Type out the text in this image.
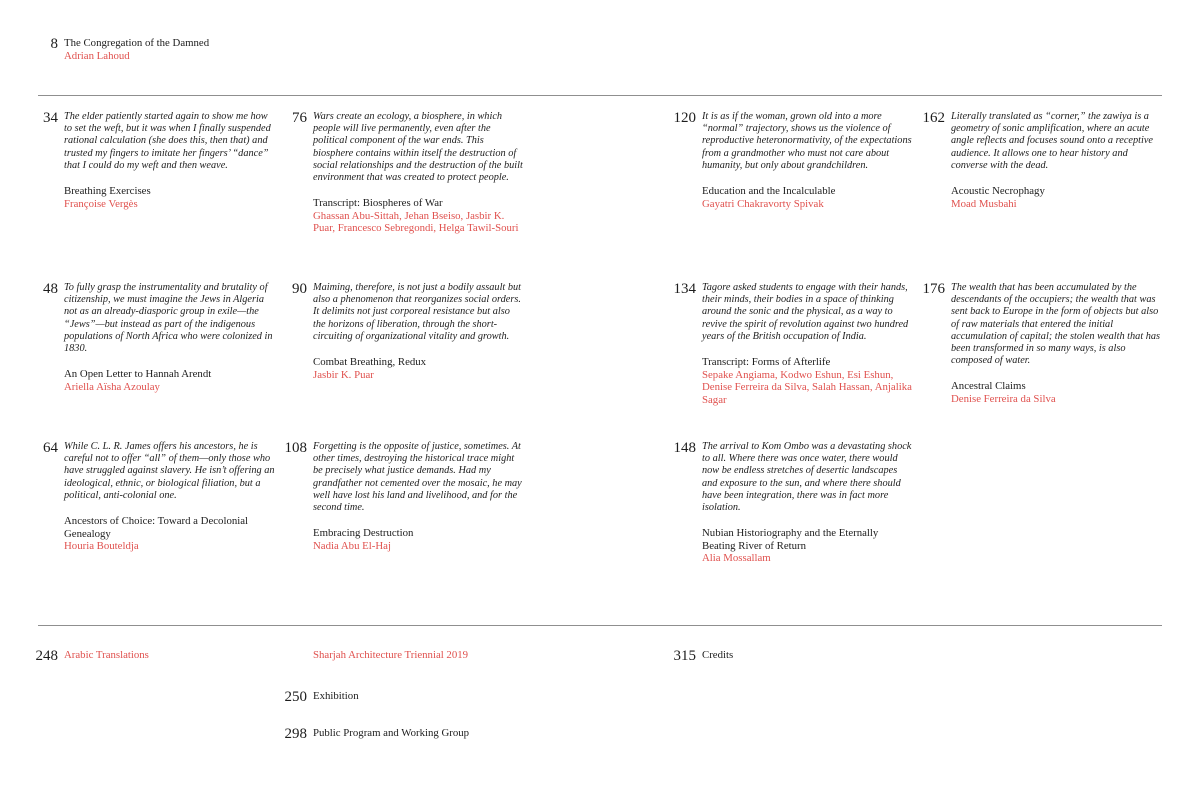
8 The Congregation of the Damned

Adrian Lahoud

34 The elder patiently started again to show me how to set the weft, but it was when I finally suspended rational calculation (she does this, then that) and trusted my fingers to imitate her fingers’ “dance” that I could do my weft and then weave.

Breathing Exercises

Françoise Vergès

76 Wars create an ecology, a biosphere, in which people will live permanently, even after the political component of the war ends. This biosphere contains within itself the destruction of social relationships and the destruction of the built environment that was created to protect people.

Transcript: Biospheres of War

Ghassan Abu-Sittah, Jehan Bseiso, Jasbir K. Puar, Francesco Sebregondi, Helga Tawil-Souri

120 It is as if the woman, grown old into a more “normal” trajectory, shows us the violence of reproductive heteronormativity, of the expectations from a grandmother who must not care about humanity, but only about grandchildren.

Education and the Incalculable

Gayatri Chakravorty Spivak

162 Literally translated as “corner,” the zawiya is a geometry of sonic amplification, where an acute angle reflects and focuses sound onto a receptive audience. It allows one to hear history and converse with the dead.

Acoustic Necrophagy

Moad Musbahi

48 To fully grasp the instrumentality and brutality of citizenship, we must imagine the Jews in Algeria not as an already-diasporic group in exile—the “Jews”—but instead as part of the indigenous populations of North Africa who were colonized in 1830.

An Open Letter to Hannah Arendt

Ariella Aïsha Azoulay

90 Maiming, therefore, is not just a bodily assault but also a phenomenon that reorganizes social orders. It delimits not just corporeal resistance but also the horizons of liberation, through the short-circuiting of organizational vitality and growth.

Combat Breathing, Redux

Jasbir K. Puar

134 Tagore asked students to engage with their hands, their minds, their bodies in a space of thinking around the sonic and the physical, as a way to revive the spirit of revolution against two hundred years of the British occupation of India.

Transcript: Forms of Afterlife

Sepake Angiama, Kodwo Eshun, Esi Eshun, Denise Ferreira da Silva, Salah Hassan, Anjalika Sagar

176 The wealth that has been accumulated by the descendants of the occupiers; the wealth that was sent back to Europe in the form of objects but also of raw materials that entered the initial accumulation of capital; the stolen wealth that has been transformed in so many ways, is also composed of water.

Ancestral Claims

Denise Ferreira da Silva

64 While C. L. R. James offers his ancestors, he is careful not to offer “all” of them—only those who have struggled against slavery. He isn’t offering an ideological, ethnic, or biological filiation, but a political, anti-colonial one.

Ancestors of Choice: Toward a Decolonial Genealogy

Houria Bouteldja

108 Forgetting is the opposite of justice, sometimes. At other times, destroying the historical trace might be precisely what justice demands. Had my grandfather not cemented over the mosaic, he may well have lost his land and livelihood, and for the second time.

Embracing Destruction

Nadia Abu El-Haj

148 The arrival to Kom Ombo was a devastating shock to all. Where there was once water, there would now be endless stretches of desertic landscapes and exposure to the sun, and where there should have been integration, there was in fact more isolation.

Nubian Historiography and the Eternally Beating River of Return

Alia Mossallam

248 Arabic Translations	Sharjah Architecture Triennial 2019	315 Credits
250 Exhibition
298 Public Program and Working Group
